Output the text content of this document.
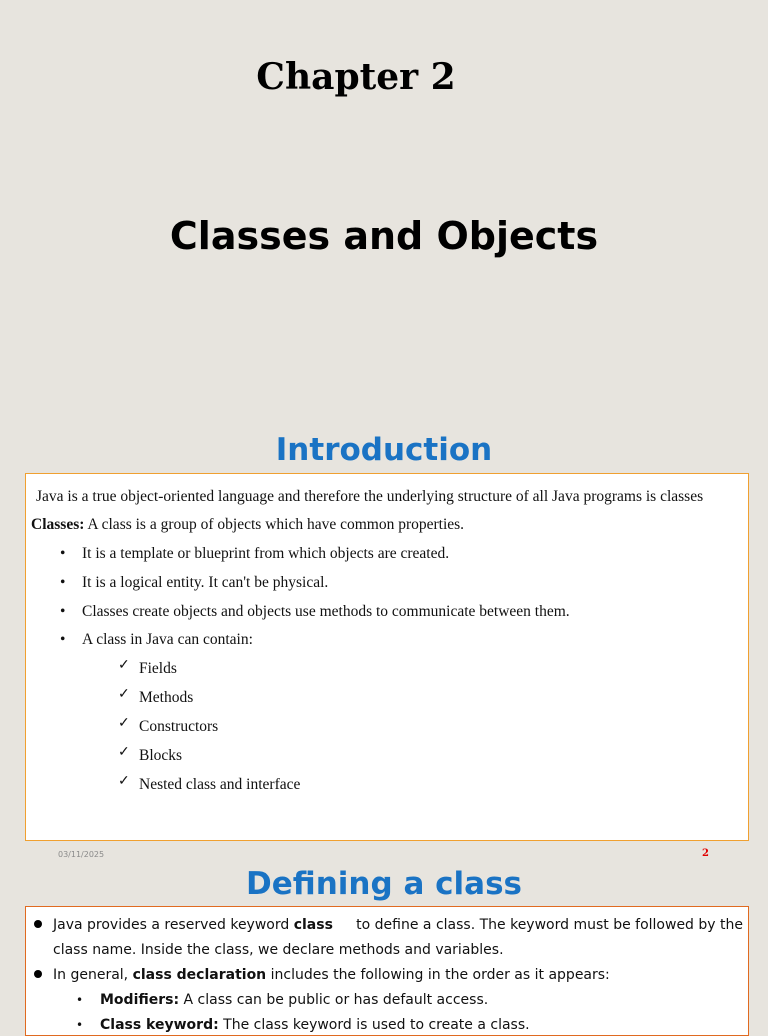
Chapter 2
Classes and Objects
Introduction
Java is a true object-oriented language and therefore the underlying structure of all Java programs is classes
Classes: A class is a group of objects which have common properties.
• It is a template or blueprint from which objects are created.
• It is a logical entity. It can't be physical.
• Classes create objects and objects use methods to communicate between them.
• A class in Java can contain:
✓ Fields
✓ Methods
✓ Constructors
✓ Blocks
✓ Nested class and interface
03/11/2025	2
Defining a class
Java provides a reserved keyword class to define a class. The keyword must be followed by the
class name. Inside the class, we declare methods and variables.
In general, class declaration includes the following in the order as it appears:
• Modifiers: A class can be public or has default access.
• Class keyword: The class keyword is used to create a class.
